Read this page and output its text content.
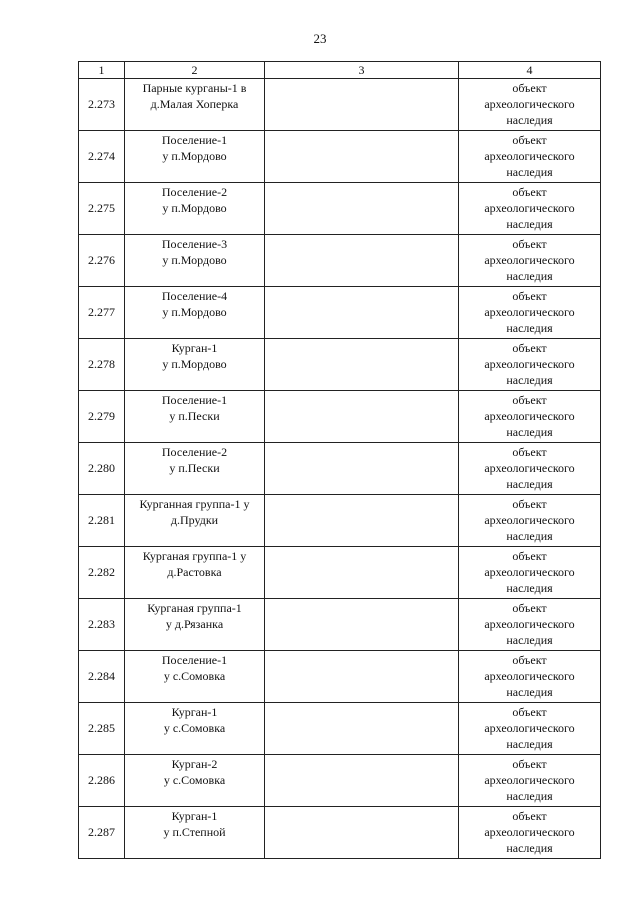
23
1	2	3	4
2.273	Парные курганы-1 в
д.Малая Хоперка		объект
археологического
наследия

2.274	Поселение-1
у п.Мордово		объект
археологического
наследия

2.275	Поселение-2
у п.Мордово		объект
археологического
наследия

2.276	Поселение-3
у п.Мордово		объект
археологического
наследия

2.277	Поселение-4
у п.Мордово		объект
археологического
наследия

2.278	Курган-1
у п.Мордово		объект
археологического
наследия

2.279	Поселение-1
у п.Пески		объект
археологического
наследия

2.280	Поселение-2
у п.Пески		объект
археологического
наследия

2.281	Курганная группа-1 у
д.Прудки		объект
археологического
наследия

2.282	Курганая группа-1 у
д.Растовка		объект
археологического
наследия

2.283	Курганая группа-1
у д.Рязанка		объект
археологического
наследия

2.284	Поселение-1
у с.Сомовка		объект
археологического
наследия

2.285	Курган-1
у с.Сомовка		объект
археологического
наследия

2.286	Курган-2
у с.Сомовка		объект
археологического
наследия

2.287	Курган-1
у п.Степной		объект
археологического
наследия
